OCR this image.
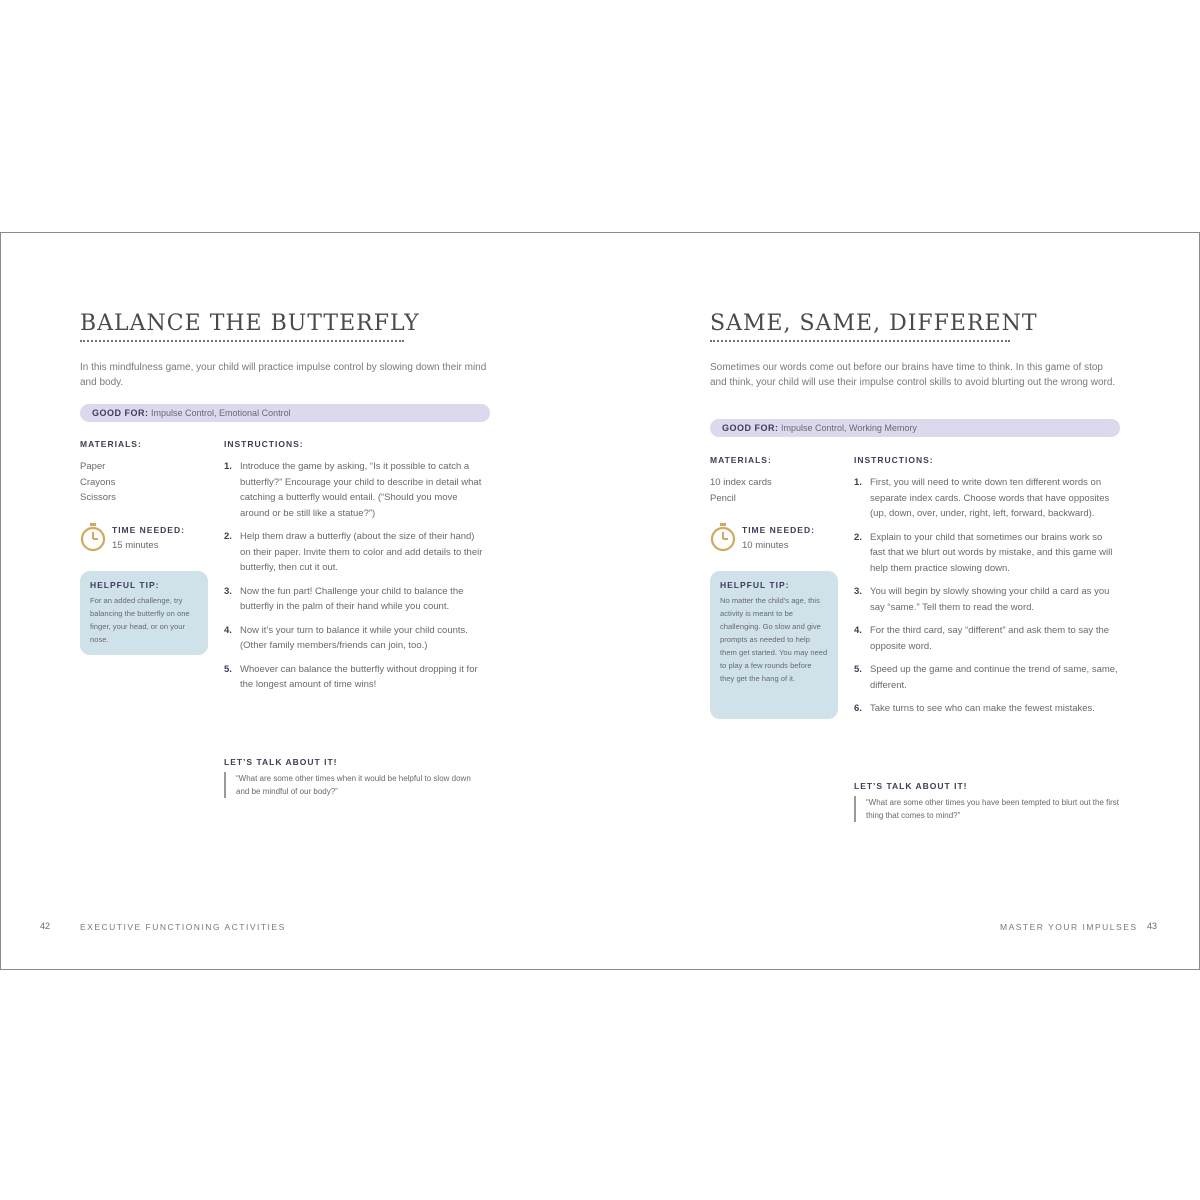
BALANCE THE BUTTERFLY
In this mindfulness game, your child will practice impulse control by slowing down their mind and body.
GOOD FOR: Impulse Control, Emotional Control
MATERIALS:
Paper
Crayons
Scissors
TIME NEEDED:
15 minutes
HELPFUL TIP:
For an added challenge, try balancing the butterfly on one finger, your head, or on your nose.
INSTRUCTIONS:
1. Introduce the game by asking, “Is it possible to catch a butterfly?” Encourage your child to describe in detail what catching a butterfly would entail. (“Should you move around or be still like a statue?”)
2. Help them draw a butterfly (about the size of their hand) on their paper. Invite them to color and add details to their butterfly, then cut it out.
3. Now the fun part! Challenge your child to balance the butterfly in the palm of their hand while you count.
4. Now it’s your turn to balance it while your child counts. (Other family members/friends can join, too.)
5. Whoever can balance the butterfly without dropping it for the longest amount of time wins!
LET’S TALK ABOUT IT!
“What are some other times when it would be helpful to slow down and be mindful of our body?”
SAME, SAME, DIFFERENT
Sometimes our words come out before our brains have time to think. In this game of stop and think, your child will use their impulse control skills to avoid blurting out the wrong word.
GOOD FOR: Impulse Control, Working Memory
MATERIALS:
10 index cards
Pencil
TIME NEEDED:
10 minutes
HELPFUL TIP:
No matter the child’s age, this activity is meant to be challenging. Go slow and give prompts as needed to help them get started. You may need to play a few rounds before they get the hang of it.
INSTRUCTIONS:
1. First, you will need to write down ten different words on separate index cards. Choose words that have opposites (up, down, over, under, right, left, forward, backward).
2. Explain to your child that sometimes our brains work so fast that we blurt out words by mistake, and this game will help them practice slowing down.
3. You will begin by slowly showing your child a card as you say “same.” Tell them to read the word.
4. For the third card, say “different” and ask them to say the opposite word.
5. Speed up the game and continue the trend of same, same, different.
6. Take turns to see who can make the fewest mistakes.
LET’S TALK ABOUT IT!
“What are some other times you have been tempted to blurt out the first thing that comes to mind?”
42	EXECUTIVE FUNCTIONING ACTIVITIES	MASTER YOUR IMPULSES 43
